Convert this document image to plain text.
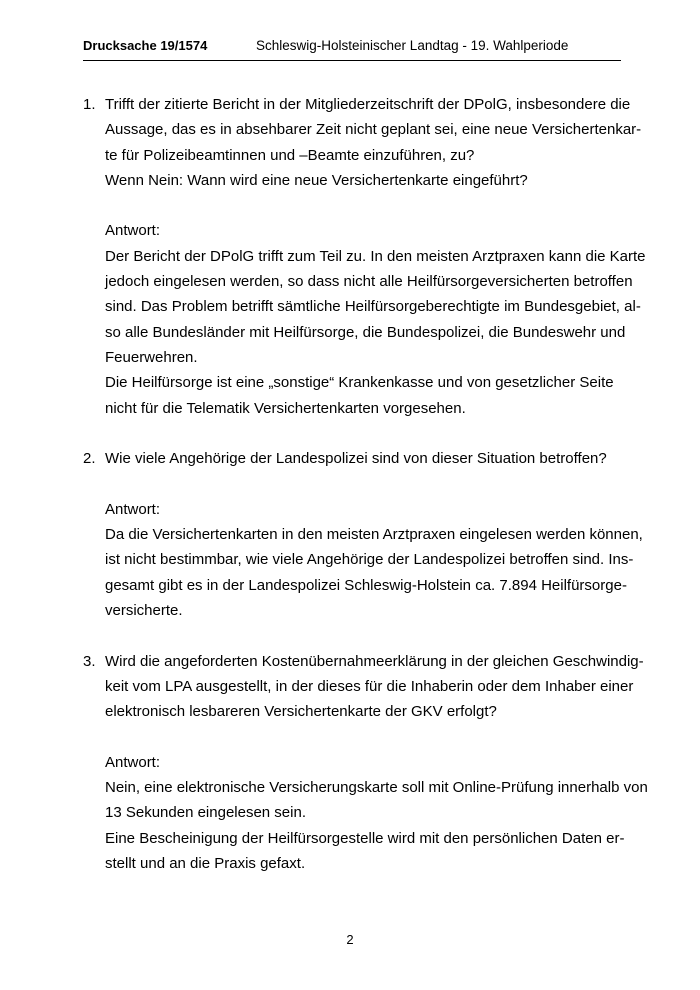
Drucksache 19/1574	Schleswig-Holsteinischer Landtag - 19. Wahlperiode
1. Trifft der zitierte Bericht in der Mitgliederzeitschrift der DPolG, insbesondere die
Aussage, das es in absehbarer Zeit nicht geplant sei, eine neue Versichertenkar-
te für Polizeibeamtinnen und –Beamte einzuführen, zu?
Wenn Nein: Wann wird eine neue Versichertenkarte eingeführt?
Antwort:
Der Bericht der DPolG trifft zum Teil zu. In den meisten Arztpraxen kann die Karte
jedoch eingelesen werden, so dass nicht alle Heilfürsorgeversicherten betroffen
sind. Das Problem betrifft sämtliche Heilfürsorgeberechtigte im Bundesgebiet, al-
so alle Bundesländer mit Heilfürsorge, die Bundespolizei, die Bundeswehr und
Feuerwehren.
Die Heilfürsorge ist eine „sonstige“ Krankenkasse und von gesetzlicher Seite
nicht für die Telematik Versichertenkarten vorgesehen.
2. Wie viele Angehörige der Landespolizei sind von dieser Situation betroffen?
Antwort:
Da die Versichertenkarten in den meisten Arztpraxen eingelesen werden können,
ist nicht bestimmbar, wie viele Angehörige der Landespolizei betroffen sind. Ins-
gesamt gibt es in der Landespolizei Schleswig-Holstein ca. 7.894 Heilfürsorge-
versicherte.
3. Wird die angeforderten Kostenübernahmeerklärung in der gleichen Geschwindig-
keit vom LPA ausgestellt, in der dieses für die Inhaberin oder dem Inhaber einer
elektronisch lesbareren Versichertenkarte der GKV erfolgt?
Antwort:
Nein, eine elektronische Versicherungskarte soll mit Online-Prüfung innerhalb von
13 Sekunden eingelesen sein.
Eine Bescheinigung der Heilfürsorgestelle wird mit den persönlichen Daten er-
stellt und an die Praxis gefaxt.
2
